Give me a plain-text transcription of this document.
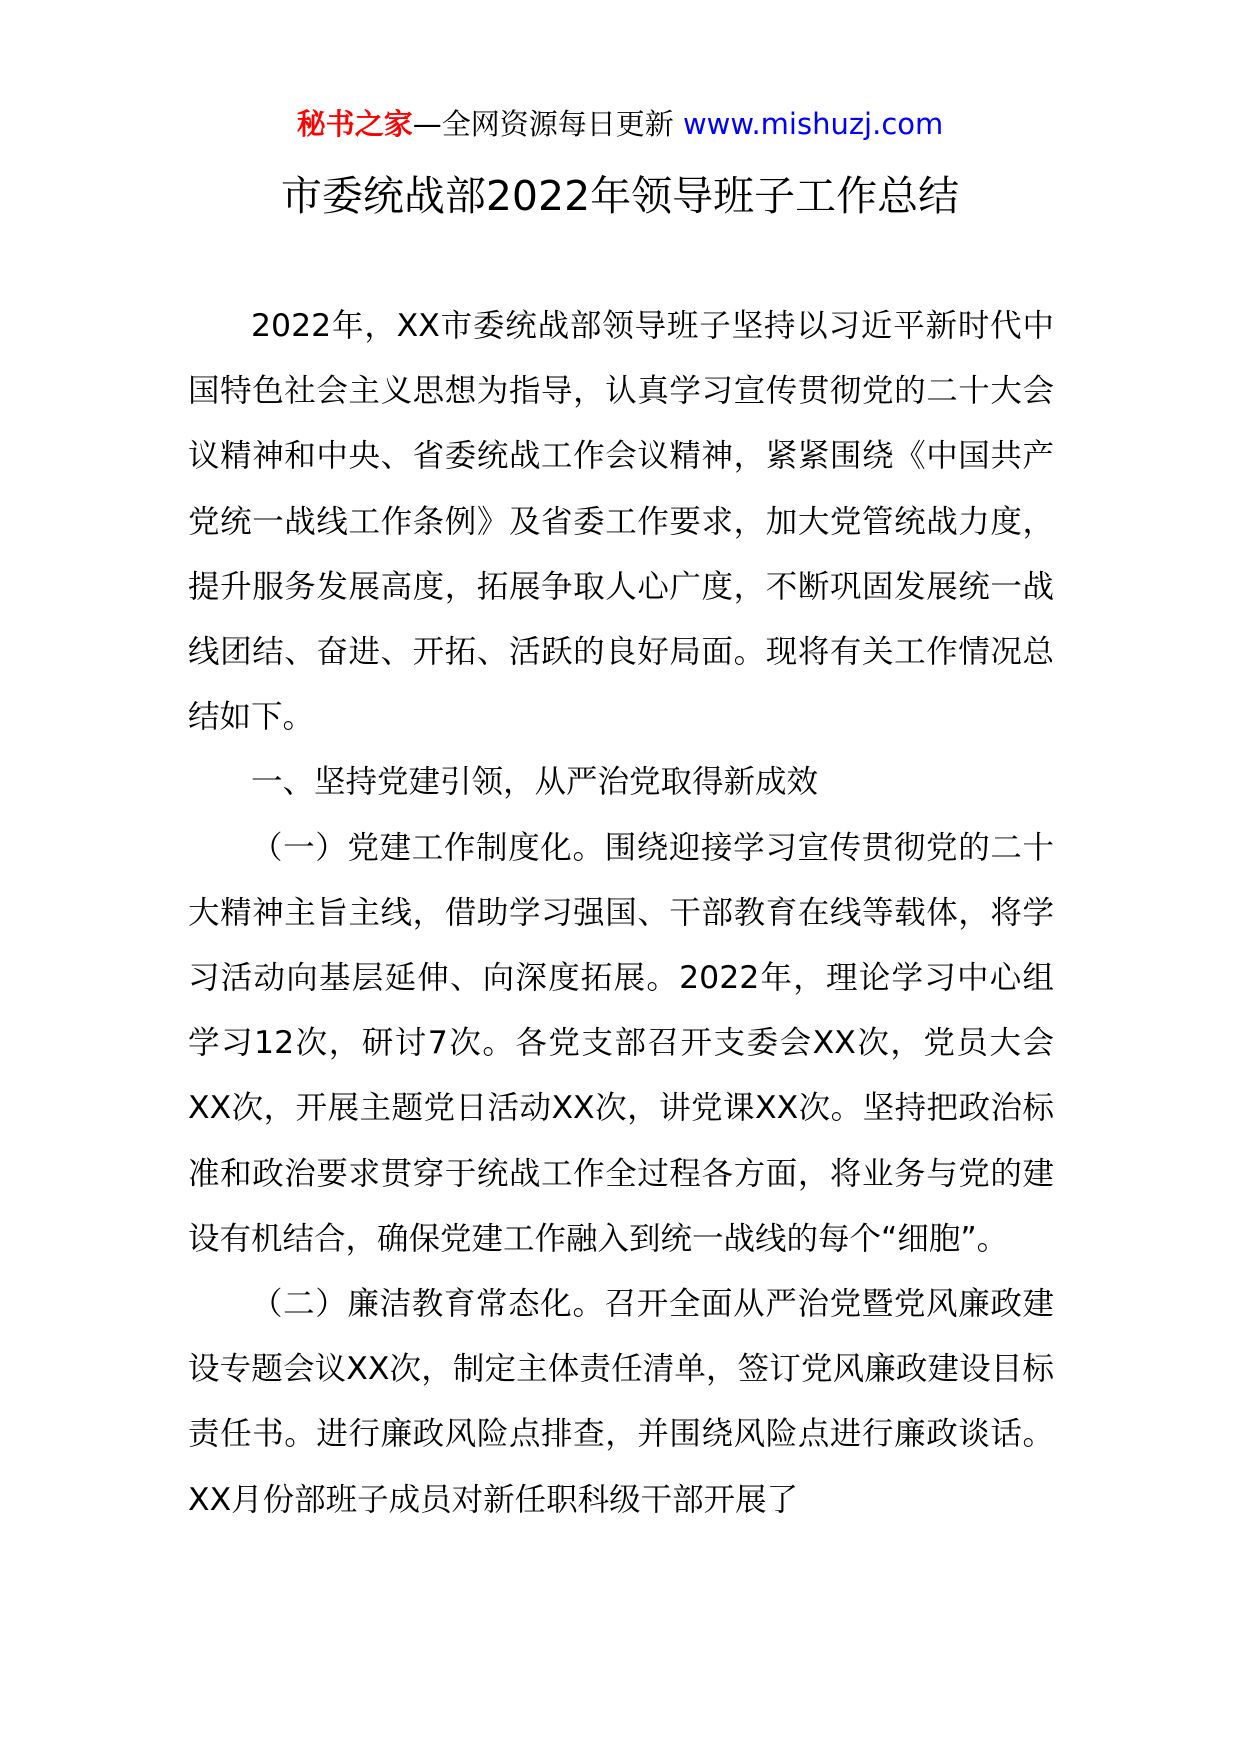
秘书之家—全网资源每日更新 www.mishuzj.com
市委统战部2022年领导班子工作总结

2022年，XX市委统战部领导班子坚持以习近平新时代中国特色社会主义思想为指导，认真学习宣传贯彻党的二十大会议精神和中央、省委统战工作会议精神，紧紧围绕《中国共产党统一战线工作条例》及省委工作要求，加大党管统战力度，提升服务发展高度，拓展争取人心广度，不断巩固发展统一战线团结、奋进、开拓、活跃的良好局面。现将有关工作情况总结如下。

一、坚持党建引领，从严治党取得新成效

（一）党建工作制度化。围绕迎接学习宣传贯彻党的二十大精神主旨主线，借助学习强国、干部教育在线等载体，将学习活动向基层延伸、向深度拓展。2022年，理论学习中心组学习12次，研讨7次。各党支部召开支委会XX次，党员大会XX次，开展主题党日活动XX次，讲党课XX次。坚持把政治标准和政治要求贯穿于统战工作全过程各方面，将业务与党的建设有机结合，确保党建工作融入到统一战线的每个“细胞”。

（二）廉洁教育常态化。召开全面从严治党暨党风廉政建设专题会议XX次，制定主体责任清单，签订党风廉政建设目标责任书。进行廉政风险点排查，并围绕风险点进行廉政谈话。XX月份部班子成员对新任职科级干部开展了
